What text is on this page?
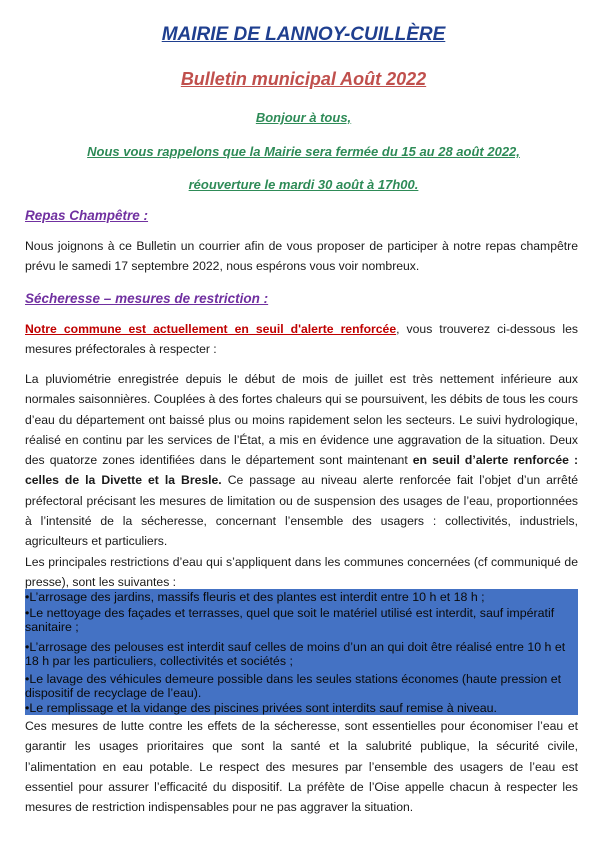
MAIRIE DE LANNOY-CUILLÈRE

Bulletin municipal Août 2022

Bonjour à tous,

Nous vous rappelons que la Mairie sera fermée du 15 au 28 août 2022,

réouverture le mardi 30 août à 17h00.

Repas Champêtre :

Nous joignons à ce Bulletin un courrier afin de vous proposer de participer à notre repas champêtre prévu le samedi 17 septembre 2022, nous espérons vous voir nombreux.

Sécheresse – mesures de restriction :

Notre commune est actuellement en seuil d'alerte renforcée, vous trouverez ci-dessous les mesures préfectorales à respecter :

La pluviométrie enregistrée depuis le début de mois de juillet est très nettement inférieure aux normales saisonnières. Couplées à des fortes chaleurs qui se poursuivent, les débits de tous les cours d’eau du département ont baissé plus ou moins rapidement selon les secteurs. Le suivi hydrologique, réalisé en continu par les services de l’État, a mis en évidence une aggravation de la situation. Deux des quatorze zones identifiées dans le département sont maintenant en seuil d’alerte renforcée : celles de la Divette et la Bresle. Ce passage au niveau alerte renforcée fait l’objet d’un arrêté préfectoral précisant les mesures de limitation ou de suspension des usages de l’eau, proportionnées à l’intensité de la sécheresse, concernant l’ensemble des usagers : collectivités, industriels, agriculteurs et particuliers.

Les principales restrictions d’eau qui s’appliquent dans les communes concernées (cf communiqué de presse), sont les suivantes :

•L’arrosage des jardins, massifs fleuris et des plantes est interdit entre 10 h et 18 h ;

•Le nettoyage des façades et terrasses, quel que soit le matériel utilisé est interdit, sauf impératif sanitaire ;

•L’arrosage des pelouses est interdit sauf celles de moins d’un an qui doit être réalisé entre 10 h et 18 h par les particuliers, collectivités et sociétés ;

•Le lavage des véhicules demeure possible dans les seules stations économes (haute pression et dispositif de recyclage de l’eau).

•Le remplissage et la vidange des piscines privées sont interdits sauf remise à niveau.

Ces mesures de lutte contre les effets de la sécheresse, sont essentielles pour économiser l’eau et garantir les usages prioritaires que sont la santé et la salubrité publique, la sécurité civile, l’alimentation en eau potable. Le respect des mesures par l’ensemble des usagers de l’eau est essentiel pour assurer l’efficacité du dispositif. La préfète de l’Oise appelle chacun à respecter les mesures de restriction indispensables pour ne pas aggraver la situation.
